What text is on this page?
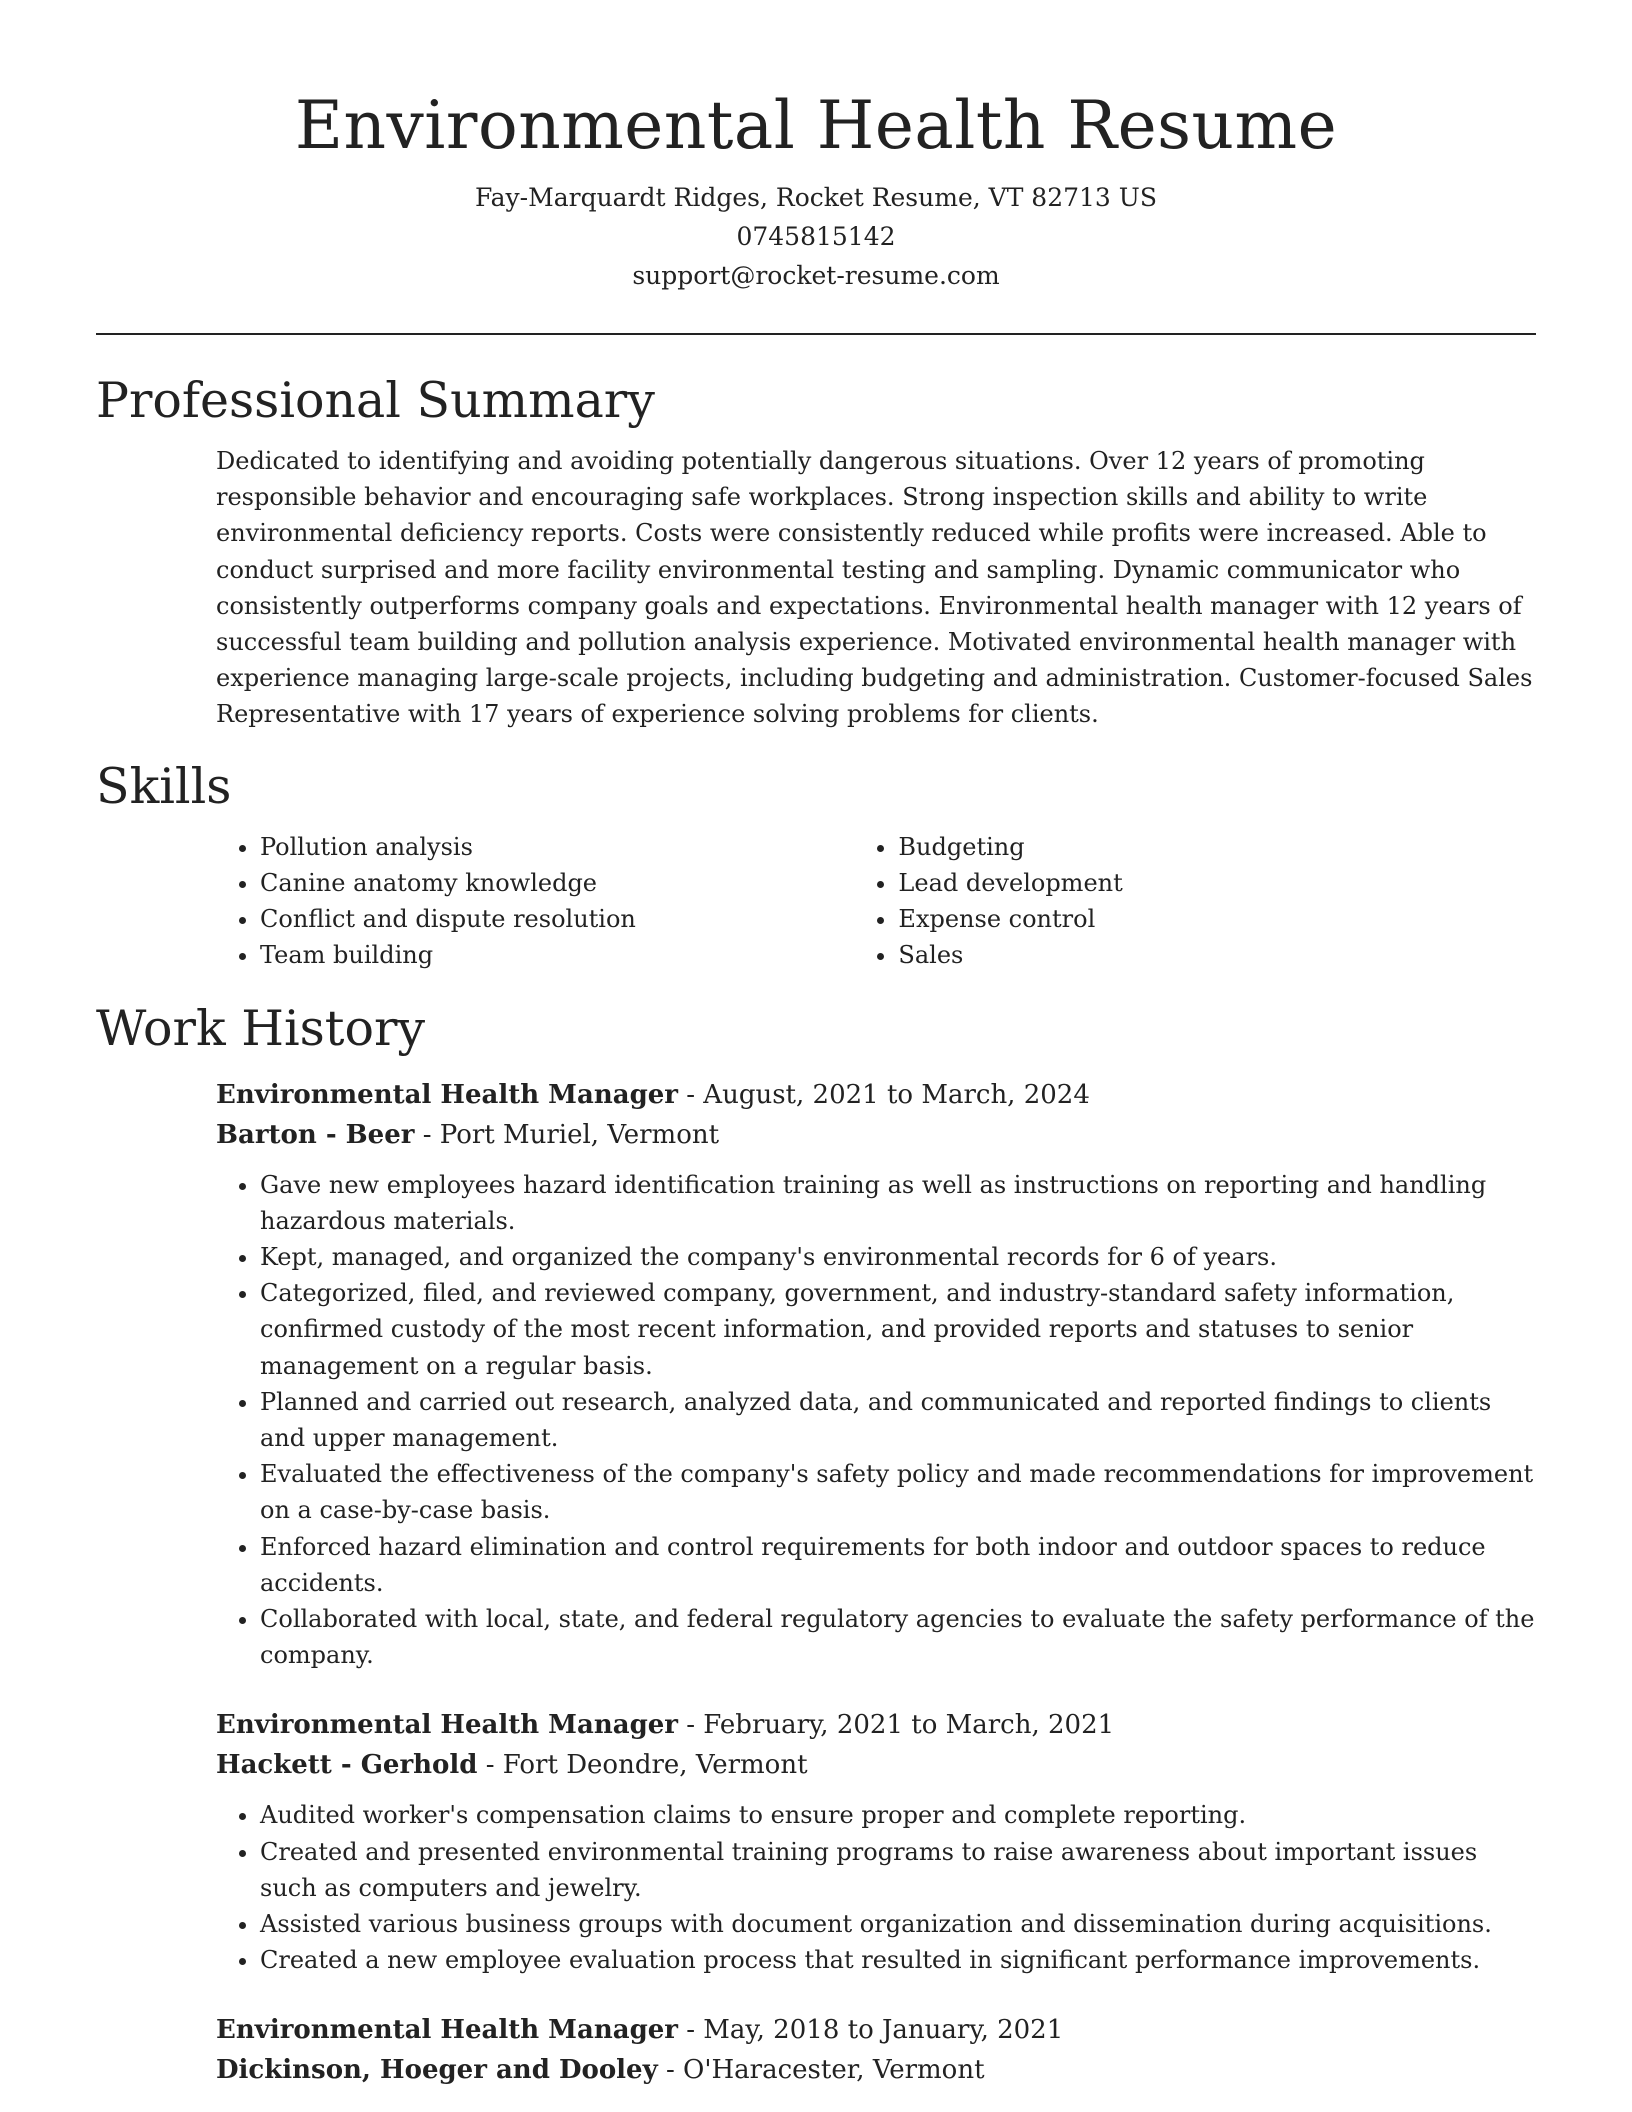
Environmental Health Resume
Fay-Marquardt Ridges, Rocket Resume, VT 82713 US
0745815142
support@rocket-resume.com
Professional Summary
Dedicated to identifying and avoiding potentially dangerous situations. Over 12 years of promoting responsible behavior and encouraging safe workplaces. Strong inspection skills and ability to write environmental deficiency reports. Costs were consistently reduced while profits were increased. Able to conduct surprised and more facility environmental testing and sampling. Dynamic communicator who consistently outperforms company goals and expectations. Environmental health manager with 12 years of successful team building and pollution analysis experience. Motivated environmental health manager with experience managing large-scale projects, including budgeting and administration. Customer-focused Sales Representative with 17 years of experience solving problems for clients.
Skills
• Pollution analysis
• Canine anatomy knowledge
• Conflict and dispute resolution
• Team building
• Budgeting
• Lead development
• Expense control
• Sales
Work History
Environmental Health Manager - August, 2021 to March, 2024
Barton - Beer - Port Muriel, Vermont
• Gave new employees hazard identification training as well as instructions on reporting and handling hazardous materials.
• Kept, managed, and organized the company's environmental records for 6 of years.
• Categorized, filed, and reviewed company, government, and industry-standard safety information, confirmed custody of the most recent information, and provided reports and statuses to senior management on a regular basis.
• Planned and carried out research, analyzed data, and communicated and reported findings to clients and upper management.
• Evaluated the effectiveness of the company's safety policy and made recommendations for improvement on a case-by-case basis.
• Enforced hazard elimination and control requirements for both indoor and outdoor spaces to reduce accidents.
• Collaborated with local, state, and federal regulatory agencies to evaluate the safety performance of the company.
Environmental Health Manager - February, 2021 to March, 2021
Hackett - Gerhold - Fort Deondre, Vermont
• Audited worker's compensation claims to ensure proper and complete reporting.
• Created and presented environmental training programs to raise awareness about important issues such as computers and jewelry.
• Assisted various business groups with document organization and dissemination during acquisitions.
• Created a new employee evaluation process that resulted in significant performance improvements.
Environmental Health Manager - May, 2018 to January, 2021
Dickinson, Hoeger and Dooley - O'Haracester, Vermont
